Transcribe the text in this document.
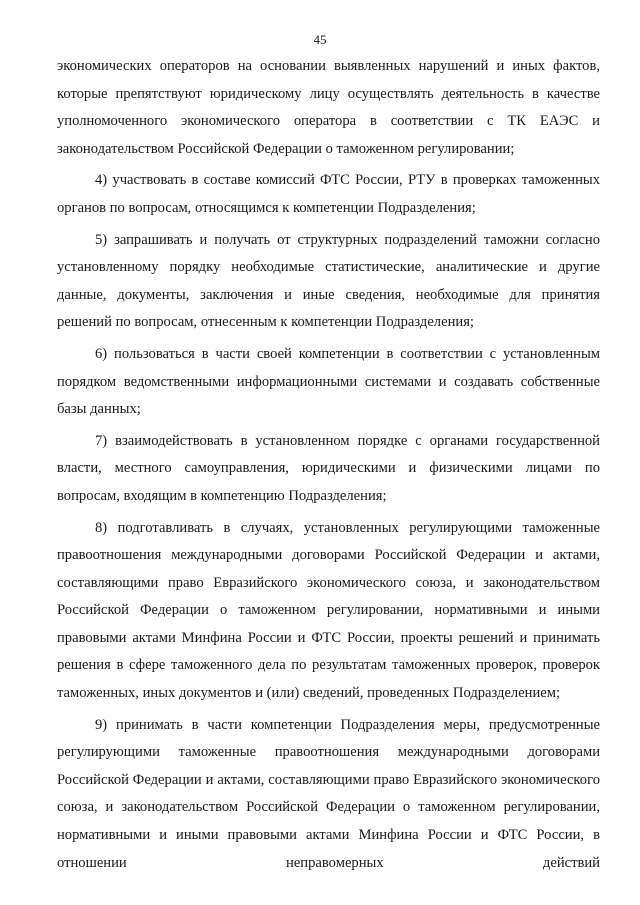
45

экономических операторов на основании выявленных нарушений и иных фактов, которые препятствуют юридическому лицу осуществлять деятельность в качестве уполномоченного экономического оператора в соответствии с ТК ЕАЭС и законодательством Российской Федерации о таможенном регулировании;

4) участвовать в составе комиссий ФТС России, РТУ в проверках таможенных органов по вопросам, относящимся к компетенции Подразделения;

5) запрашивать и получать от структурных подразделений таможни согласно установленному порядку необходимые статистические, аналитические и другие данные, документы, заключения и иные сведения, необходимые для принятия решений по вопросам, отнесенным к компетенции Подразделения;

6) пользоваться в части своей компетенции в соответствии с установленным порядком ведомственными информационными системами и создавать собственные базы данных;

7) взаимодействовать в установленном порядке с органами государственной власти, местного самоуправления, юридическими и физическими лицами по вопросам, входящим в компетенцию Подразделения;

8) подготавливать в случаях, установленных регулирующими таможенные правоотношения международными договорами Российской Федерации и актами, составляющими право Евразийского экономического союза, и законодательством Российской Федерации о таможенном регулировании, нормативными и иными правовыми актами Минфина России и ФТС России, проекты решений и принимать решения в сфере таможенного дела по результатам таможенных проверок, проверок таможенных, иных документов и (или) сведений, проведенных Подразделением;

9) принимать в части компетенции Подразделения меры, предусмотренные регулирующими таможенные правоотношения международными договорами Российской Федерации и актами, составляющими право Евразийского экономического союза, и законодательством Российской Федерации о таможенном регулировании, нормативными и иными правовыми актами Минфина России и ФТС России, в отношении неправомерных действий
